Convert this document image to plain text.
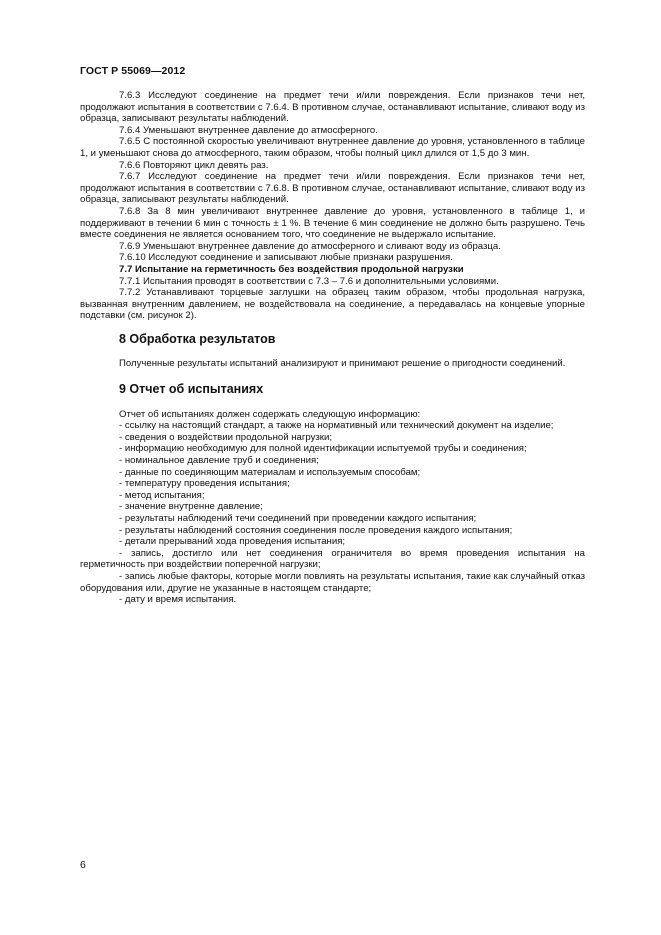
ГОСТ Р 55069—2012

7.6.3 Исследуют соединение на предмет течи и/или повреждения. Если признаков течи нет, продолжают испытания в соответствии с 7.6.4. В противном случае, останавливают испытание, сливают воду из образца, записывают результаты наблюдений.

7.6.4 Уменьшают внутреннее давление до атмосферного.

7.6.5 С постоянной скоростью увеличивают внутреннее давление до уровня, установленного в таблице 1, и уменьшают снова до атмосферного, таким образом, чтобы полный цикл длился от 1,5 до 3 мин.

7.6.6 Повторяют цикл девять раз.

7.6.7 Исследуют соединение на предмет течи и/или повреждения. Если признаков течи нет, продолжают испытания в соответствии с 7.6.8. В противном случае, останавливают испытание, сливают воду из образца, записывают результаты наблюдений.

7.6.8 За 8 мин увеличивают внутреннее давление до уровня, установленного в таблице 1, и поддерживают в течении 6 мин с точность ± 1 %. В течение 6 мин соединение не должно быть разрушено. Течь вместе соединения не является основанием того, что соединение не выдержало испытание.

7.6.9 Уменьшают внутреннее давление до атмосферного и сливают воду из образца.

7.6.10 Исследуют соединение и записывают любые признаки разрушения.

7.7 Испытание на герметичность без воздействия продольной нагрузки

7.7.1 Испытания проводят в соответствии с 7.3 – 7.6 и дополнительными условиями.

7.7.2 Устанавливают торцевые заглушки на образец таким образом, чтобы продольная нагрузка, вызванная внутренним давлением, не воздействовала на соединение, а передавалась на концевые упорные подставки (см. рисунок 2).

8 Обработка результатов

Полученные результаты испытаний анализируют и принимают решение о пригодности соединений.

9 Отчет об испытаниях

Отчет об испытаниях должен содержать следующую информацию:

- ссылку на настоящий стандарт, а также на нормативный или технический документ на изделие;

- сведения о воздействии продольной нагрузки;

- информацию необходимую для полной идентификации испытуемой трубы и соединения;

- номинальное давление труб и соединения;

- данные по соединяющим материалам и используемым способам;

- температуру проведения испытания;

- метод испытания;

- значение внутренне давление;

- результаты наблюдений течи соединений при проведении каждого испытания;

- результаты наблюдений состояния соединения после проведения каждого испытания;

- детали прерываний хода проведения испытания;

- запись, достигло или нет соединения ограничителя во время проведения испытания на герметичность при воздействии поперечной нагрузки;

- запись любые факторы, которые могли повлиять на результаты испытания, такие как случайный отказ оборудования или, другие не указанные в настоящем стандарте;

- дату и время испытания.

6
